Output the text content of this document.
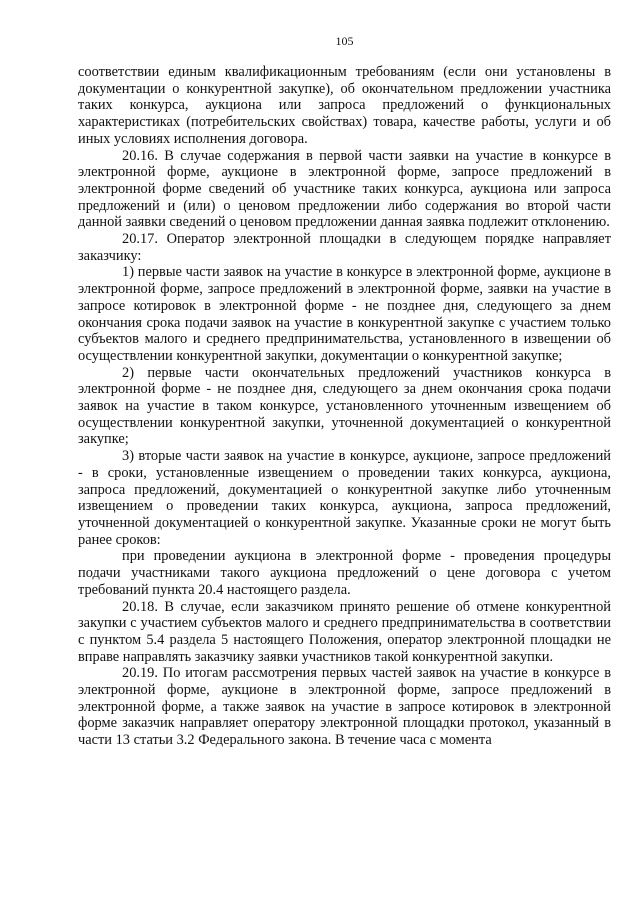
105

соответствии единым квалификационным требованиям (если они установлены в документации о конкурентной закупке), об окончательном предложении участника таких конкурса, аукциона или запроса предложений о функциональных характеристиках (потребительских свойствах) товара, качестве работы, услуги и об иных условиях исполнения договора.

20.16. В случае содержания в первой части заявки на участие в конкурсе в электронной форме, аукционе в электронной форме, запросе предложений в электронной форме сведений об участнике таких конкурса, аукциона или запроса предложений и (или) о ценовом предложении либо содержания во второй части данной заявки сведений о ценовом предложении данная заявка подлежит отклонению.

20.17. Оператор электронной площадки в следующем порядке направляет заказчику:

1) первые части заявок на участие в конкурсе в электронной форме, аукционе в электронной форме, запросе предложений в электронной форме, заявки на участие в запросе котировок в электронной форме - не позднее дня, следующего за днем окончания срока подачи заявок на участие в конкурентной закупке с участием только субъектов малого и среднего предпринимательства, установленного в извещении об осуществлении конкурентной закупки, документации о конкурентной закупке;

2) первые части окончательных предложений участников конкурса в электронной форме - не позднее дня, следующего за днем окончания срока подачи заявок на участие в таком конкурсе, установленного уточненным извещением об осуществлении конкурентной закупки, уточненной документацией о конкурентной закупке;

3) вторые части заявок на участие в конкурсе, аукционе, запросе предложений - в сроки, установленные извещением о проведении таких конкурса, аукциона, запроса предложений, документацией о конкурентной закупке либо уточненным извещением о проведении таких конкурса, аукциона, запроса предложений, уточненной документацией о конкурентной закупке. Указанные сроки не могут быть ранее сроков:

при проведении аукциона в электронной форме - проведения процедуры подачи участниками такого аукциона предложений о цене договора с учетом требований пункта 20.4 настоящего раздела.

20.18. В случае, если заказчиком принято решение об отмене конкурентной закупки с участием субъектов малого и среднего предпринимательства в соответствии с пунктом 5.4 раздела 5 настоящего Положения, оператор электронной площадки не вправе направлять заказчику заявки участников такой конкурентной закупки.

20.19. По итогам рассмотрения первых частей заявок на участие в конкурсе в электронной форме, аукционе в электронной форме, запросе предложений в электронной форме, а также заявок на участие в запросе котировок в электронной форме заказчик направляет оператору электронной площадки протокол, указанный в части 13 статьи 3.2 Федерального закона. В течение часа с момента
